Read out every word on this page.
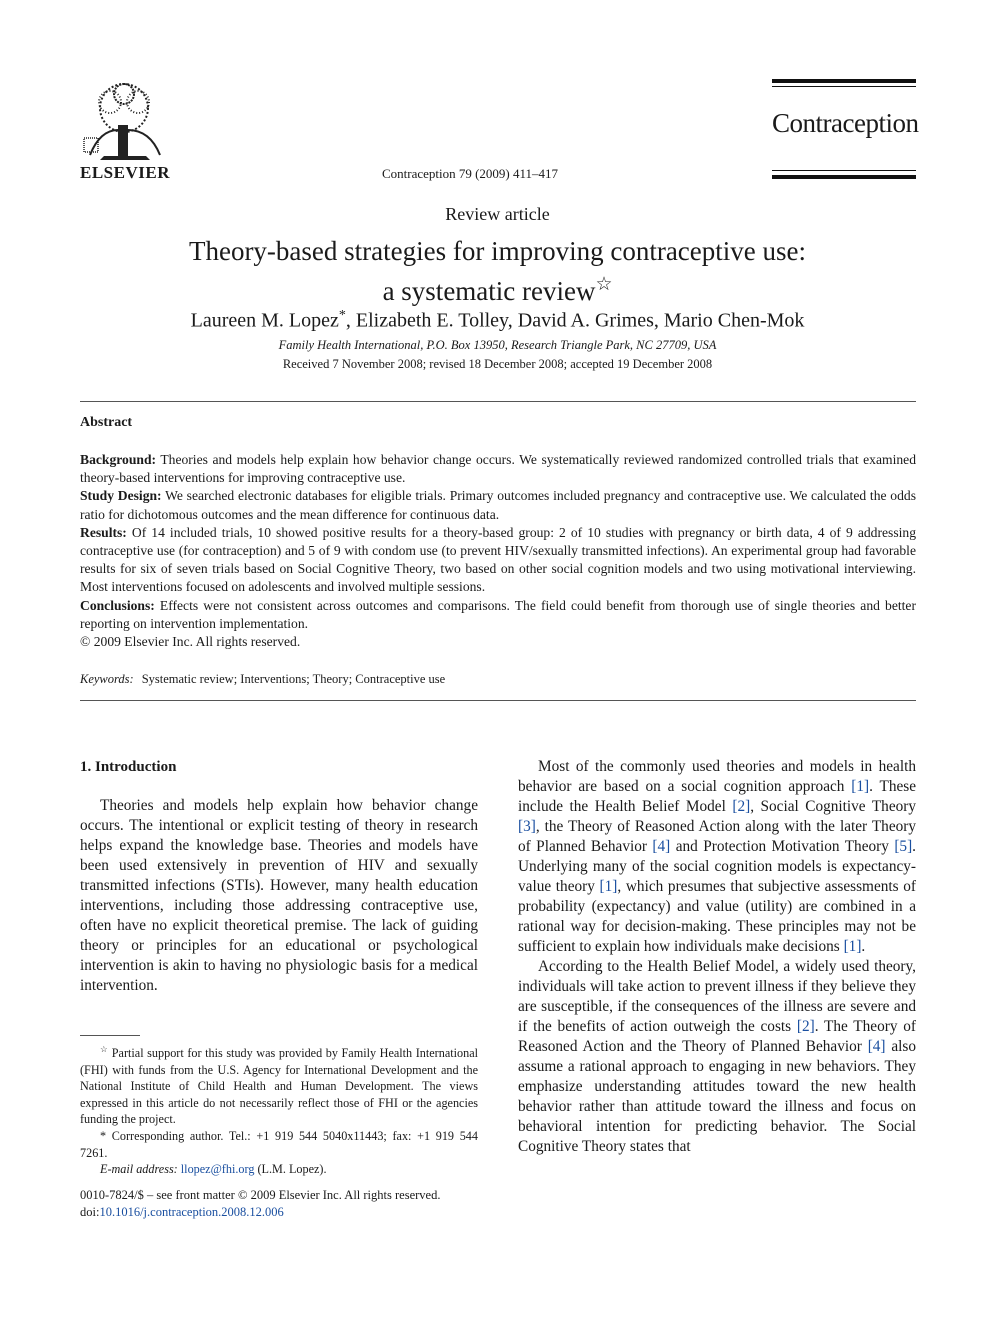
ELSEVIER	Contraception 79 (2009) 411–417
Contraception
Review article
Theory-based strategies for improving contraceptive use:
a systematic review☆
Laureen M. Lopez*, Elizabeth E. Tolley, David A. Grimes, Mario Chen-Mok
Family Health International, P.O. Box 13950, Research Triangle Park, NC 27709, USA
Received 7 November 2008; revised 18 December 2008; accepted 19 December 2008
Abstract

Background: Theories and models help explain how behavior change occurs. We systematically reviewed randomized controlled trials that examined theory-based interventions for improving contraceptive use.

Study Design: We searched electronic databases for eligible trials. Primary outcomes included pregnancy and contraceptive use. We calculated the odds ratio for dichotomous outcomes and the mean difference for continuous data.

Results: Of 14 included trials, 10 showed positive results for a theory-based group: 2 of 10 studies with pregnancy or birth data, 4 of 9 addressing contraceptive use (for contraception) and 5 of 9 with condom use (to prevent HIV/sexually transmitted infections). An experimental group had favorable results for six of seven trials based on Social Cognitive Theory, two based on other social cognition models and two using motivational interviewing. Most interventions focused on adolescents and involved multiple sessions.

Conclusions: Effects were not consistent across outcomes and comparisons. The field could benefit from thorough use of single theories and better reporting on intervention implementation.

© 2009 Elsevier Inc. All rights reserved.

Keywords: Systematic review; Interventions; Theory; Contraceptive use
1. Introduction

Theories and models help explain how behavior change occurs. The intentional or explicit testing of theory in research helps expand the knowledge base. Theories and models have been used extensively in prevention of HIV and sexually transmitted infections (STIs). However, many health education interventions, including those addressing contraceptive use, often have no explicit theoretical premise. The lack of guiding theory or principles for an educational or psychological intervention is akin to having no physiologic basis for a medical intervention.

☆ Partial support for this study was provided by Family Health International (FHI) with funds from the U.S. Agency for International Development and the National Institute of Child Health and Human Development. The views expressed in this article do not necessarily reflect those of FHI or the agencies funding the project.

* Corresponding author. Tel.: +1 919 544 5040x11443; fax: +1 919 544 7261.

E-mail address: llopez@fhi.org (L.M. Lopez).

0010-7824/$ – see front matter © 2009 Elsevier Inc. All rights reserved.
doi:10.1016/j.contraception.2008.12.006

Most of the commonly used theories and models in health behavior are based on a social cognition approach [1]. These include the Health Belief Model [2], Social Cognitive Theory [3], the Theory of Reasoned Action along with the later Theory of Planned Behavior [4] and Protection Motivation Theory [5]. Underlying many of the social cognition models is expectancy-value theory [1], which presumes that subjective assessments of probability (expectancy) and value (utility) are combined in a rational way for decision-making. These principles may not be sufficient to explain how individuals make decisions [1].

According to the Health Belief Model, a widely used theory, individuals will take action to prevent illness if they believe they are susceptible, if the consequences of the illness are severe and if the benefits of action outweigh the costs [2]. The Theory of Reasoned Action and the Theory of Planned Behavior [4] also assume a rational approach to engaging in new behaviors. They emphasize understanding attitudes toward the new health behavior rather than attitude toward the illness and focus on behavioral intention for predicting behavior. The Social Cognitive Theory states that
